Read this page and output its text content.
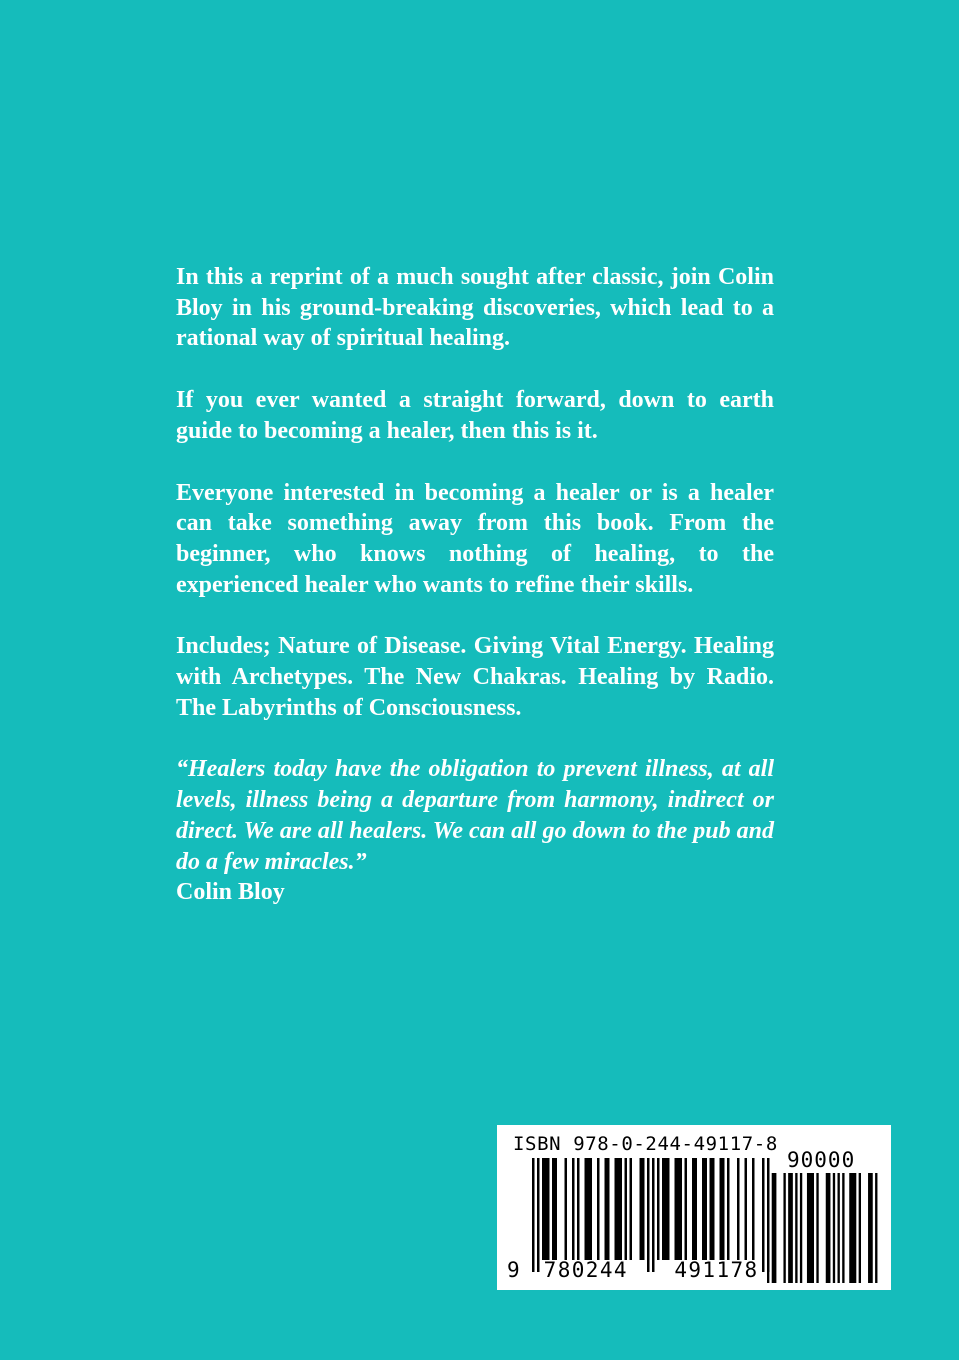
In this a reprint of a much sought after classic, join Colin Bloy in his ground-breaking discoveries, which lead to a rational way of spiritual healing.

If you ever wanted a straight forward, down to earth guide to becoming a healer, then this is it.

Everyone interested in becoming a healer or is a healer can take something away from this book. From the beginner, who knows nothing of healing, to the experienced healer who wants to refine their skills.

Includes; Nature of Disease. Giving Vital Energy. Healing with Archetypes. The New Chakras. Healing by Radio. The Labyrinths of Consciousness.

“Healers today have the obligation to prevent illness, at all levels, illness being a departure from harmony, indirect or direct. We are all healers. We can all go down to the pub and do a few miracles.”

Colin Bloy

ISBN 978-0-244-49117-8
90000
9 780244 491178
